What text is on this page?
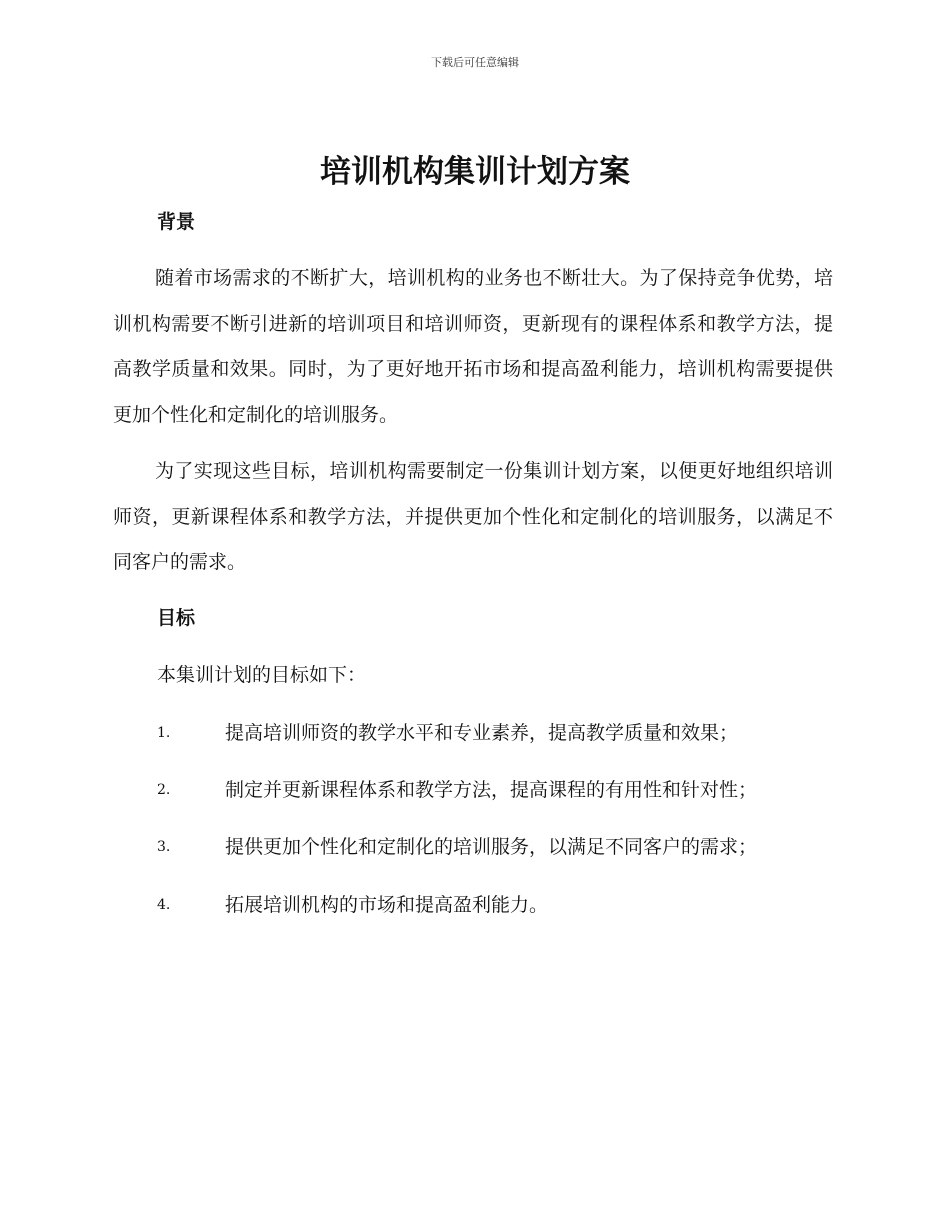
下载后可任意编辑
培训机构集训计划方案
背景

随着市场需求的不断扩大，培训机构的业务也不断壮大。为了保持竞争优势，培训机构需要不断引进新的培训项目和培训师资，更新现有的课程体系和教学方法，提高教学质量和效果。同时，为了更好地开拓市场和提高盈利能力，培训机构需要提供更加个性化和定制化的培训服务。

为了实现这些目标，培训机构需要制定一份集训计划方案，以便更好地组织培训师资，更新课程体系和教学方法，并提供更加个性化和定制化的培训服务，以满足不同客户的需求。

目标

本集训计划的目标如下：

1.	提高培训师资的教学水平和专业素养，提高教学质量和效果；
2.	制定并更新课程体系和教学方法，提高课程的有用性和针对性；
3.	提供更加个性化和定制化的培训服务，以满足不同客户的需求；
4.	拓展培训机构的市场和提高盈利能力。
